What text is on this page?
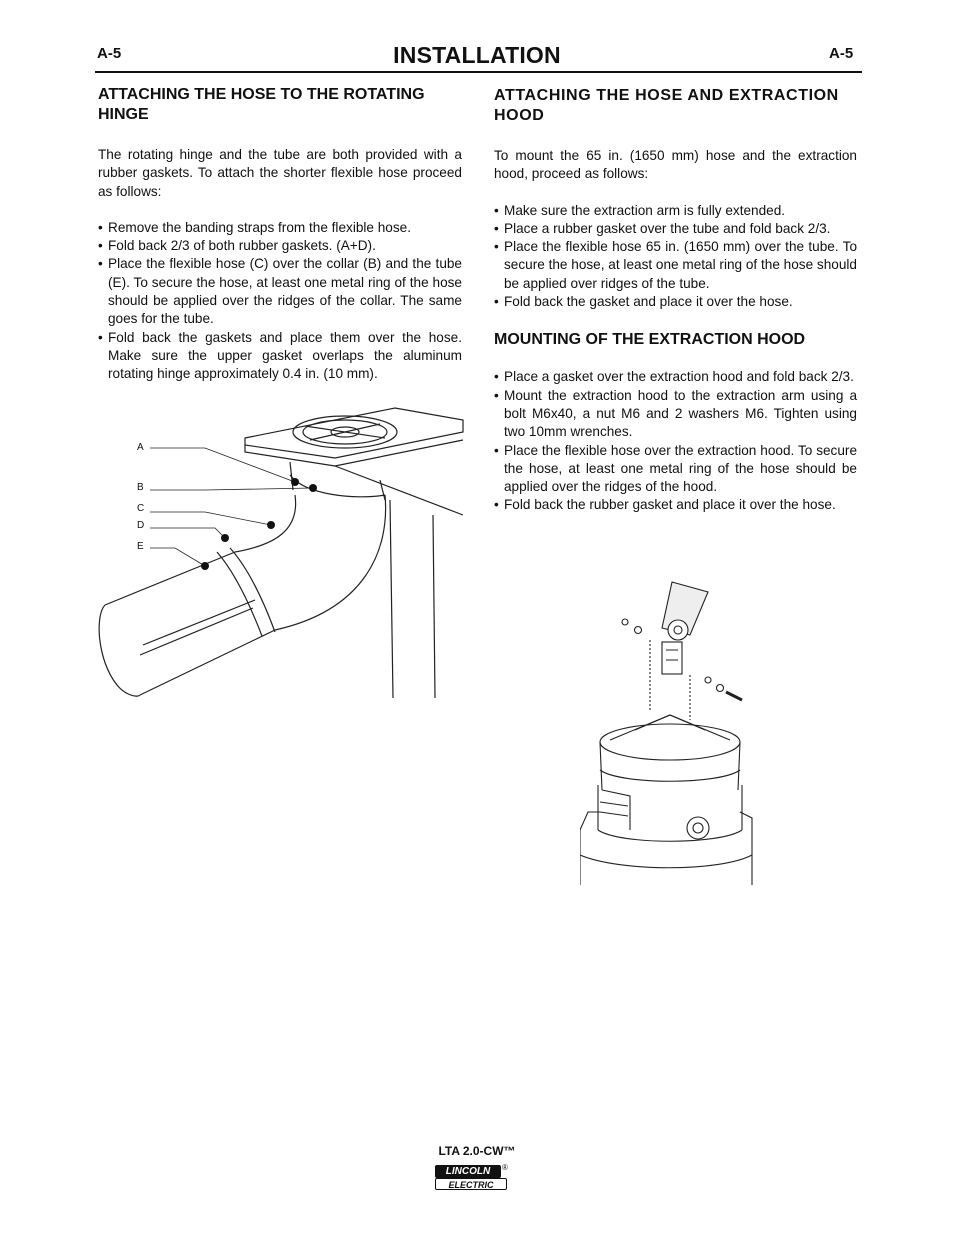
A-5	INSTALLATION	A-5
ATTACHING THE HOSE TO THE ROTATING HINGE

The rotating hinge and the tube are both provided with a rubber gaskets. To attach the shorter flexible hose proceed as follows:

• Remove the banding straps from the flexible hose.
• Fold back 2/3 of both rubber gaskets. (A+D).
• Place the flexible hose (C) over the collar (B) and the tube (E). To secure the hose, at least one metal ring of the hose should be applied over the ridges of the collar. The same goes for the tube.
• Fold back the gaskets and place them over the hose. Make sure the upper gasket overlaps the aluminum rotating hinge approximately 0.4 in. (10 mm).
A
B
C
D
E
ATTACHING THE HOSE AND EXTRACTION HOOD

To mount the 65 in. (1650 mm) hose and the extraction hood, proceed as follows:

• Make sure the extraction arm is fully extended.
• Place a rubber gasket over the tube and fold back 2/3.
• Place the flexible hose 65 in. (1650 mm) over the tube. To secure the hose, at least one metal ring of the hose should be applied over ridges of the tube.
• Fold back the gasket and place it over the hose.
MOUNTING OF THE EXTRACTION HOOD
• Place a gasket over the extraction hood and fold back 2/3.
• Mount the extraction hood to the extraction arm using a bolt M6x40, a nut M6 and 2 washers M6. Tighten using two 10mm wrenches.
• Place the flexible hose over the extraction hood. To secure the hose, at least one metal ring of the hose should be applied over the ridges of the hood.
• Fold back the rubber gasket and place it over the hose.
LTA 2.0-CW™
LINCOLN	®
ELECTRIC
